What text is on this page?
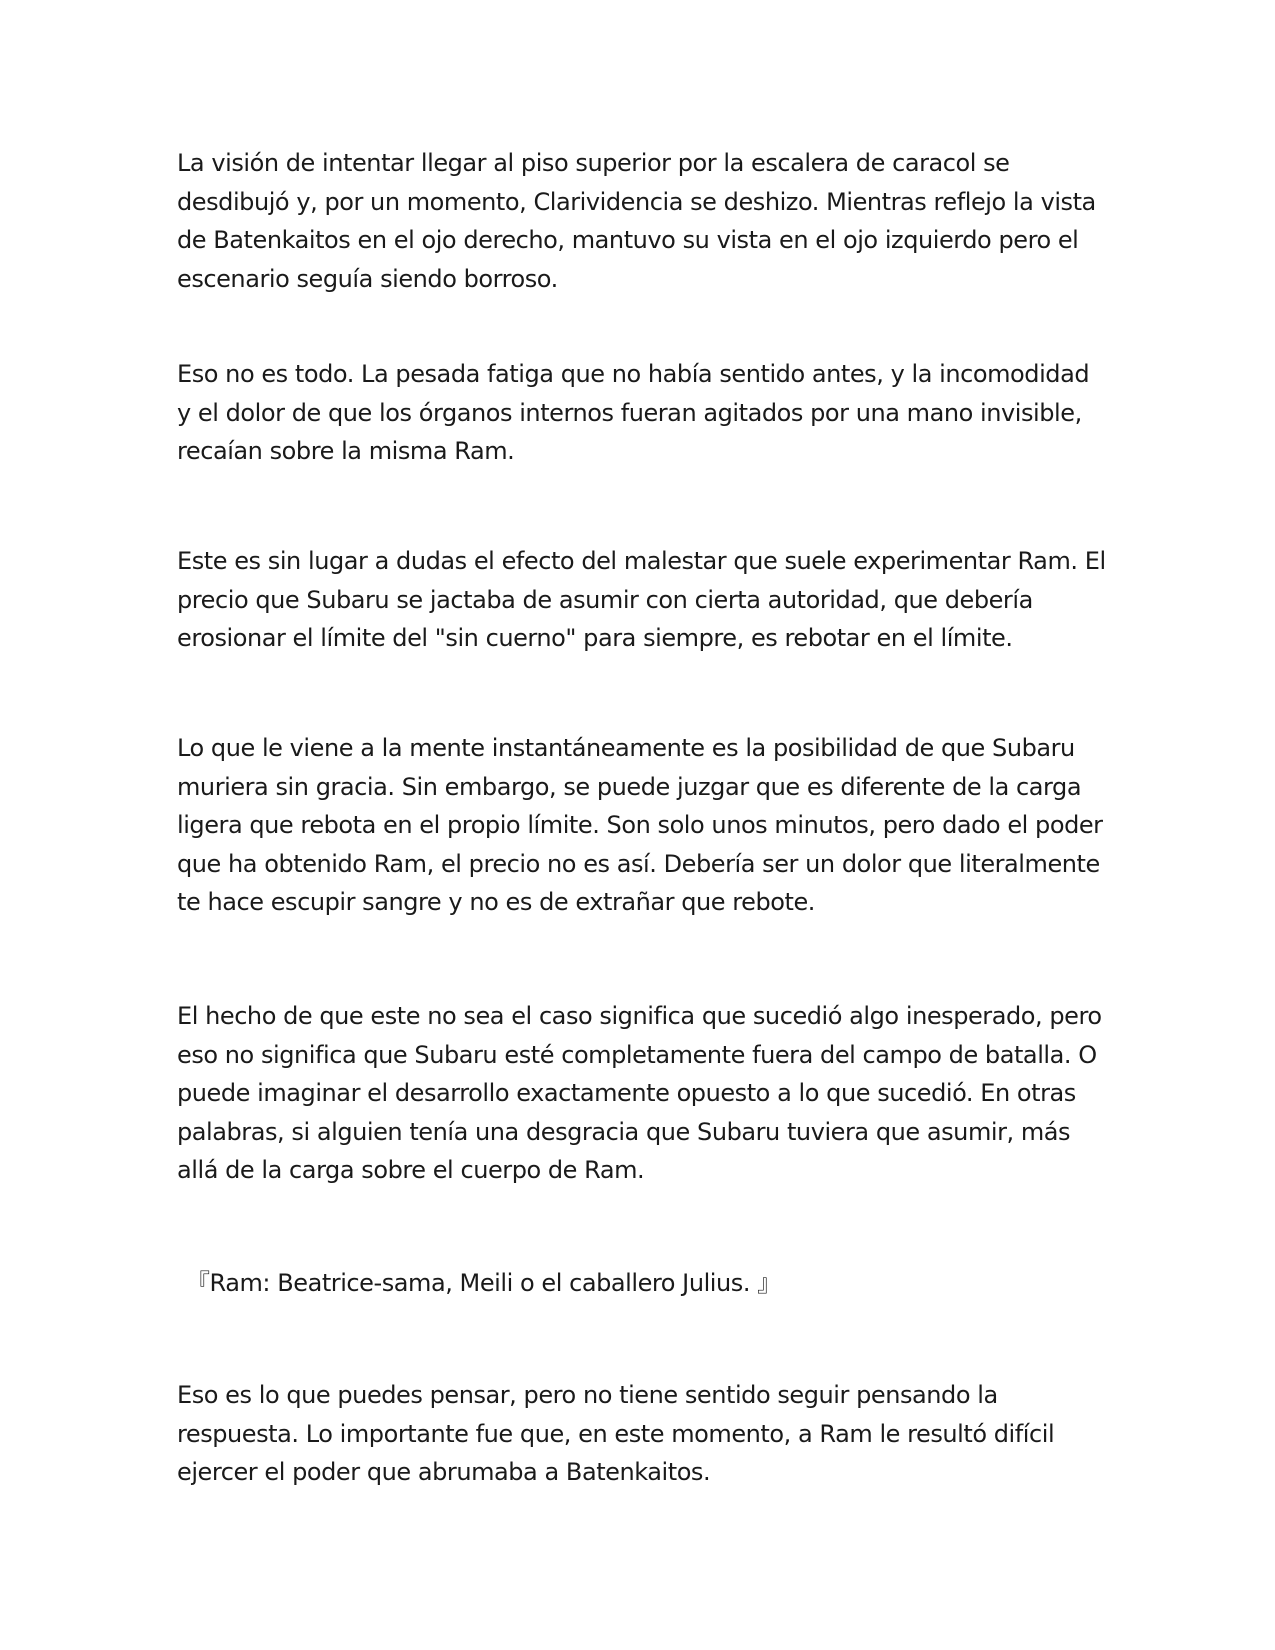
La visión de intentar llegar al piso superior por la escalera de caracol se desdibujó y, por un momento, Clarividencia se deshizo. Mientras reflejo la vista de Batenkaitos en el ojo derecho, mantuvo su vista en el ojo izquierdo pero el escenario seguía siendo borroso.

Eso no es todo. La pesada fatiga que no había sentido antes, y la incomodidad y el dolor de que los órganos internos fueran agitados por una mano invisible, recaían sobre la misma Ram.

Este es sin lugar a dudas el efecto del malestar que suele experimentar Ram. El precio que Subaru se jactaba de asumir con cierta autoridad, que debería erosionar el límite del "sin cuerno" para siempre, es rebotar en el límite.

Lo que le viene a la mente instantáneamente es la posibilidad de que Subaru muriera sin gracia. Sin embargo, se puede juzgar que es diferente de la carga ligera que rebota en el propio límite. Son solo unos minutos, pero dado el poder que ha obtenido Ram, el precio no es así. Debería ser un dolor que literalmente te hace escupir sangre y no es de extrañar que rebote.

El hecho de que este no sea el caso significa que sucedió algo inesperado, pero eso no significa que Subaru esté completamente fuera del campo de batalla. O puede imaginar el desarrollo exactamente opuesto a lo que sucedió. En otras palabras, si alguien tenía una desgracia que Subaru tuviera que asumir, más allá de la carga sobre el cuerpo de Ram.

『Ram: Beatrice-sama, Meili o el caballero Julius. 』

Eso es lo que puedes pensar, pero no tiene sentido seguir pensando la respuesta. Lo importante fue que, en este momento, a Ram le resultó difícil ejercer el poder que abrumaba a Batenkaitos.
